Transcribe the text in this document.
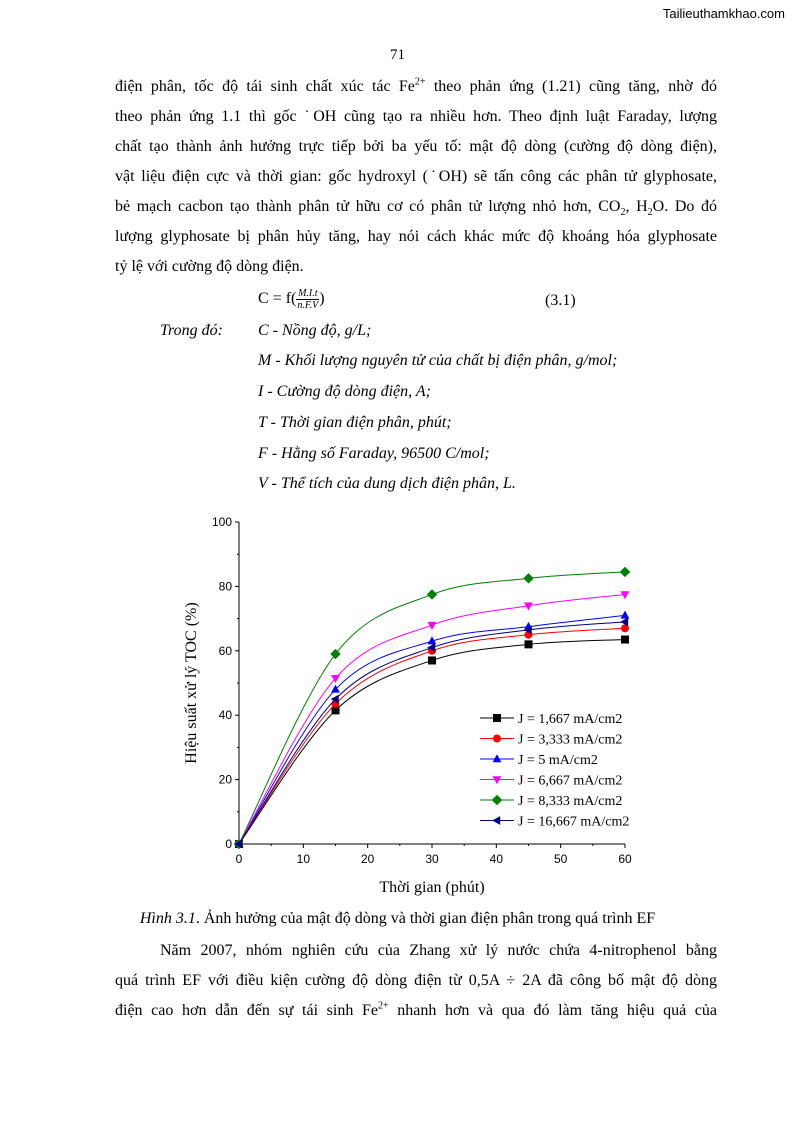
Tailieuthamkhao.com
71
điện phân, tốc độ tái sinh chất xúc tác $Fe^{2+}$ theo phản ứng (1.21) cũng tăng, nhờ đó
theo phản ứng 1.1 thì gốc ˙OH cũng tạo ra nhiều hơn. Theo định luật Faraday, lượng
chất tạo thành ảnh hưởng trực tiếp bởi ba yếu tố: mật độ dòng (cường độ dòng điện),
vật liệu điện cực và thời gian: gốc hydroxyl (˙OH) sẽ tấn công các phân tử glyphosate,
bẻ mạch cacbon tạo thành phân tử hữu cơ có phân tử lượng nhỏ hơn, $CO_2$, $H_2O$. Do đó
lượng glyphosate bị phân hủy tăng, hay nói cách khác mức độ khoáng hóa glyphosate
tỷ lệ với cường độ dòng điện.
$C = f( \frac{M.I.t}{n.F.V}$ )	(3.1)
Trong đó: C - Nồng độ, g/L;
M - Khối lượng nguyên tử của chất bị điện phân, g/mol;
I - Cường độ dòng điện, A;
T - Thời gian điện phân, phút;
F - Hằng số Faraday, 96500 C/mol;
V - Thể tích của dung dịch điện phân, L.
0
20
40
60
80
100
0	10	20	30	40	50	60
Thời gian (phút)
Hiệu suất xử lý TOC (%)	J = 1,667 mA/cm2
J = 3,333 mA/cm2
J = 5 mA/cm2
J = 6,667 mA/cm2
J = 8,333 mA/cm2
J = 16,667 mA/cm2
Hình 3.1. Ảnh hưởng của mật độ dòng và thời gian điện phân trong quá trình EF
Năm 2007, nhóm nghiên cứu của Zhang xử lý nước chứa 4-nitrophenol bằng
quá trình EF với điều kiện cường độ dòng điện từ 0,5A ÷ 2A đã công bố mật độ dòng
điện cao hơn dẫn đến sự tái $\sinh Fe^{2+}$ nhanh hơn và qua đó làm tăng hiệu quả của
